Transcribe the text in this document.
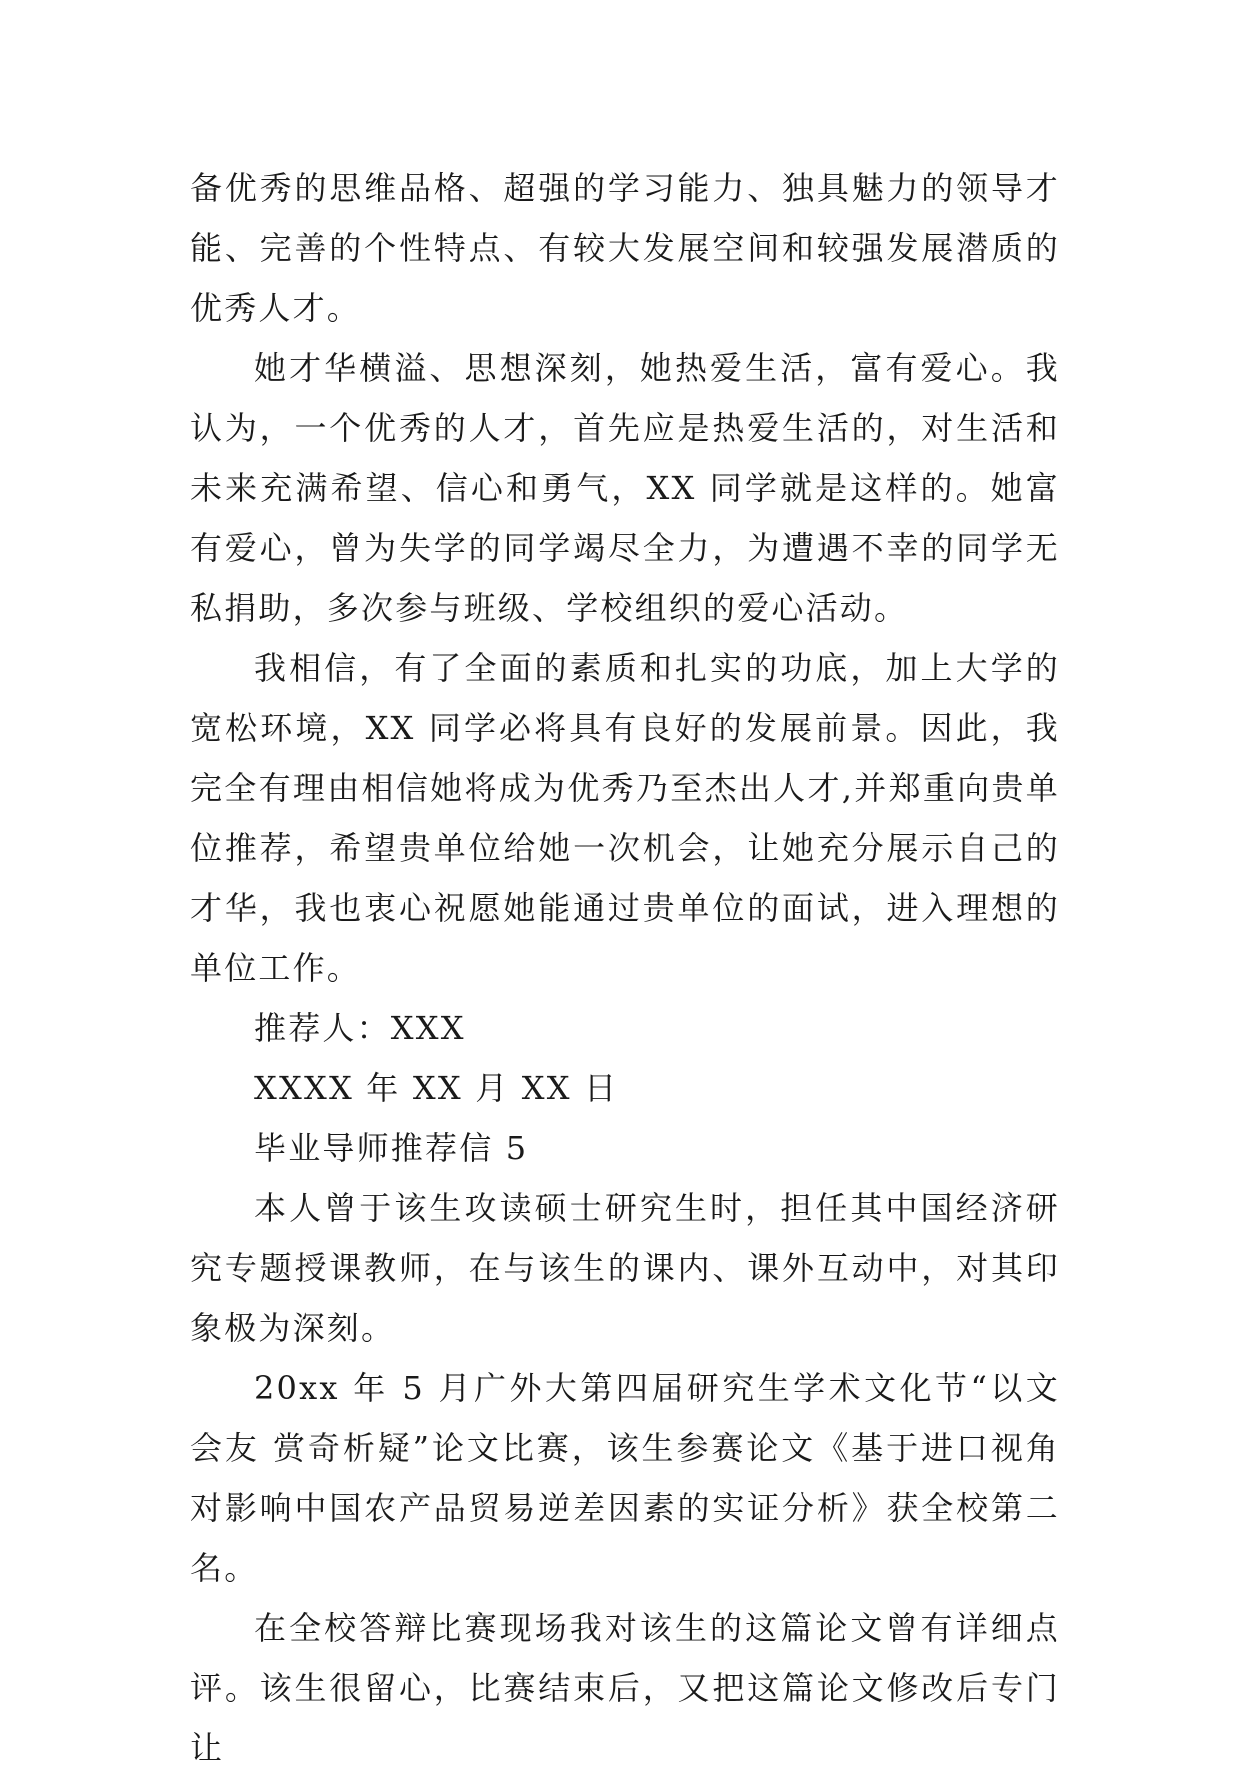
备优秀的思维品格、超强的学习能力、独具魅力的领导才能、完善的个性特点、有较大发展空间和较强发展潜质的优秀人才。

她才华横溢、思想深刻，她热爱生活，富有爱心。我认为，一个优秀的人才，首先应是热爱生活的，对生活和未来充满希望、信心和勇气，XX 同学就是这样的。她富有爱心，曾为失学的同学竭尽全力，为遭遇不幸的同学无私捐助，多次参与班级、学校组织的爱心活动。

我相信，有了全面的素质和扎实的功底，加上大学的宽松环境，XX 同学必将具有良好的发展前景。因此，我完全有理由相信她将成为优秀乃至杰出人才,并郑重向贵单位推荐，希望贵单位给她一次机会，让她充分展示自己的才华，我也衷心祝愿她能通过贵单位的面试，进入理想的单位工作。

推荐人：XXX

XXXX 年 XX 月 XX 日

毕业导师推荐信 5

本人曾于该生攻读硕士研究生时，担任其中国经济研究专题授课教师，在与该生的课内、课外互动中，对其印象极为深刻。

20xx 年 5 月广外大第四届研究生学术文化节“以文会友 赏奇析疑”论文比赛，该生参赛论文《基于进口视角对影响中国农产品贸易逆差因素的实证分析》获全校第二名。

在全校答辩比赛现场我对该生的这篇论文曾有详细点评。该生很留心，比赛结束后，又把这篇论文修改后专门让
